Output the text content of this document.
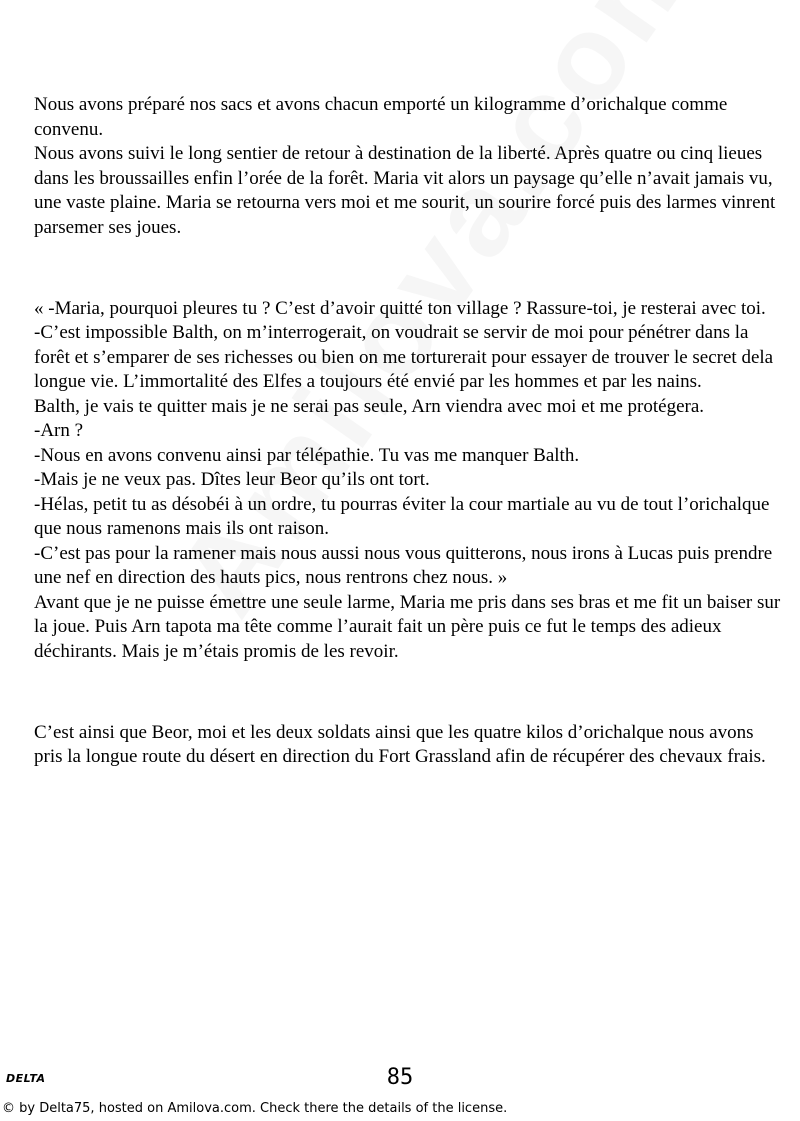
Nous avons préparé nos sacs et avons chacun emporté un kilogramme d’orichalque comme convenu.

Nous avons suivi le long sentier de retour à destination de la liberté. Après quatre ou cinq lieues dans les broussailles enfin l’orée de la forêt. Maria vit alors un paysage qu’elle n’avait jamais vu, une vaste plaine. Maria se retourna vers moi et me sourit, un sourire forcé puis des larmes vinrent parsemer ses joues.

« -Maria, pourquoi pleures tu ? C’est d’avoir quitté ton village ? Rassure-toi, je resterai avec toi.

-C’est impossible Balth, on m’interrogerait, on voudrait se servir de moi pour pénétrer dans la forêt et s’emparer de ses richesses ou bien on me torturerait pour essayer de trouver le secret dela longue vie. L’immortalité des Elfes a toujours été envié par les hommes et par les nains.

Balth, je vais te quitter mais je ne serai pas seule, Arn viendra avec moi et me protégera.

-Arn ?

-Nous en avons convenu ainsi par télépathie. Tu vas me manquer Balth.

-Mais je ne veux pas. Dîtes leur Beor qu’ils ont tort.

-Hélas, petit tu as désobéi à un ordre, tu pourras éviter la cour martiale au vu de tout l’orichalque que nous ramenons mais ils ont raison.

-C’est pas pour la ramener mais nous aussi nous vous quitterons, nous irons à Lucas puis prendre une nef en direction des hauts pics, nous rentrons chez nous. »

Avant que je ne puisse émettre une seule larme, Maria me pris dans ses bras et me fit un baiser sur la joue. Puis Arn tapota ma tête comme l’aurait fait un père puis ce fut le temps des adieux déchirants. Mais je m’étais promis de les revoir.

C’est ainsi que Beor, moi et les deux soldats ainsi que les quatre kilos d’orichalque nous avons pris la longue route du désert en direction du Fort Grassland afin de récupérer des chevaux frais.

DELTA	85
© by Delta75, hosted on Amilova.com. Check there the details of the license.
